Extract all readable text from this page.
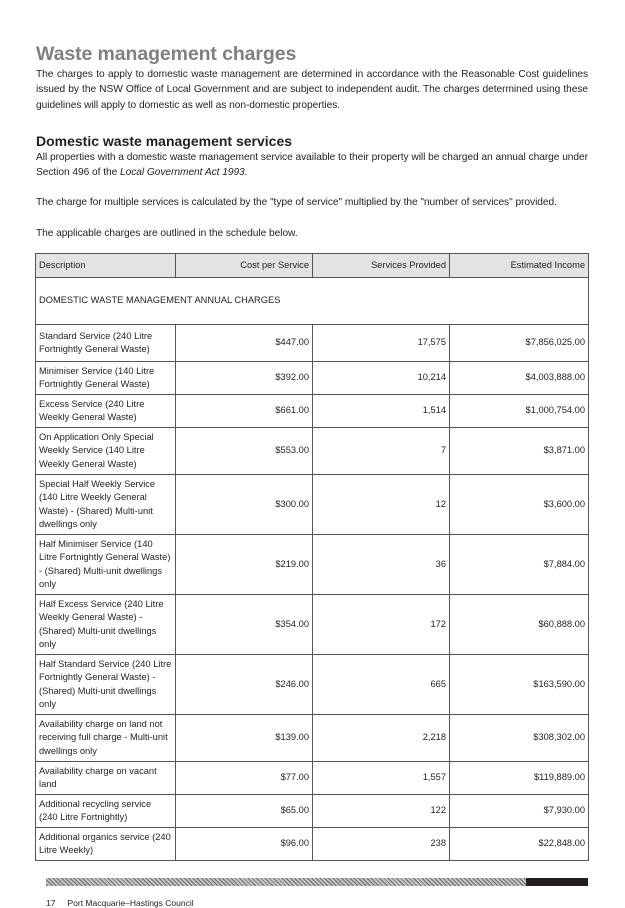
Waste management charges

The charges to apply to domestic waste management are determined in accordance with the Reasonable Cost guidelines issued by the NSW Office of Local Government and are subject to independent audit. The charges determined using these guidelines will apply to domestic as well as non-domestic properties.

Domestic waste management services

All properties with a domestic waste management service available to their property will be charged an annual charge under Section 496 of the Local Government Act 1993.

The charge for multiple services is calculated by the "type of service" multiplied by the "number of services" provided.

The applicable charges are outlined in the schedule below.

Description	Cost per Service	Services Provided	Estimated Income
DOMESTIC WASTE MANAGEMENT ANNUAL CHARGES			
Standard Service (240 Litre Fortnightly General Waste)	$447.00	17,575	$7,856,025.00
Minimiser Service (140 Litre Fortnightly General Waste)	$392.00	10,214	$4,003,888.00
Excess Service (240 Litre Weekly General Waste)	$661.00	1,514	$1,000,754.00
On Application Only Special Weekly Service (140 Litre Weekly General Waste)	$553.00	7	$3,871.00
Special Half Weekly Service (140 Litre Weekly General Waste) - (Shared) Multi-unit dwellings only	$300.00	12	$3,600.00
Half Minimiser Service (140 Litre Fortnightly General Waste) - (Shared) Multi-unit dwellings only	$219.00	36	$7,884.00
Half Excess Service (240 Litre Weekly General Waste) - (Shared) Multi-unit dwellings only	$354.00	172	$60,888.00
Half Standard Service (240 Litre Fortnightly General Waste) - (Shared) Multi-unit dwellings only	$246.00	665	$163,590.00
Availability charge on land not receiving full charge - Multi-unit dwellings only	$139.00	2,218	$308,302.00
Availability charge on vacant land	$77.00	1,557	$119,889.00
Additional recycling service (240 Litre Fortnightly)	$65.00	122	$7,930.00
Additional organics service (240 Litre Weekly)	$96.00	238	$22,848.00
17 Port Macquarie–Hastings Council
